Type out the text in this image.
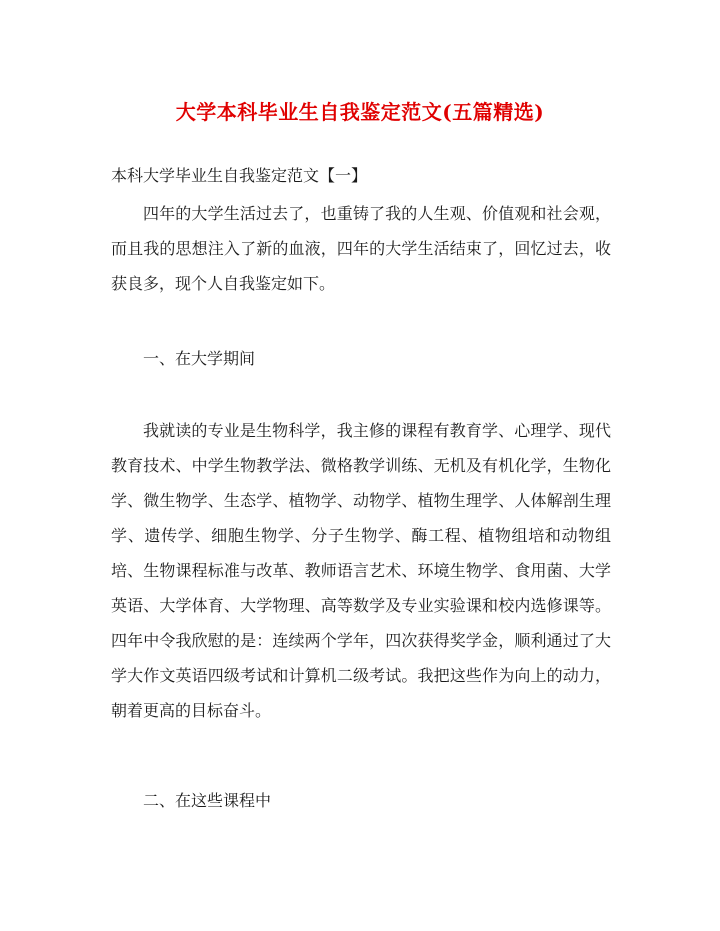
大学本科毕业生自我鉴定范文(五篇精选)
本科大学毕业生自我鉴定范文【一】

四年的大学生活过去了，也重铸了我的人生观、价值观和社会观，而且我的思想注入了新的血液，四年的大学生活结束了，回忆过去，收获良多，现个人自我鉴定如下。

一、在大学期间

我就读的专业是生物科学，我主修的课程有教育学、心理学、现代教育技术、中学生物教学法、微格教学训练、无机及有机化学，生物化学、微生物学、生态学、植物学、动物学、植物生理学、人体解剖生理学、遗传学、细胞生物学、分子生物学、酶工程、植物组培和动物组培、生物课程标准与改革、教师语言艺术、环境生物学、食用菌、大学英语、大学体育、大学物理、高等数学及专业实验课和校内选修课等。四年中令我欣慰的是：连续两个学年，四次获得奖学金，顺利通过了大学大作文英语四级考试和计算机二级考试。我把这些作为向上的动力，朝着更高的目标奋斗。

二、在这些课程中
